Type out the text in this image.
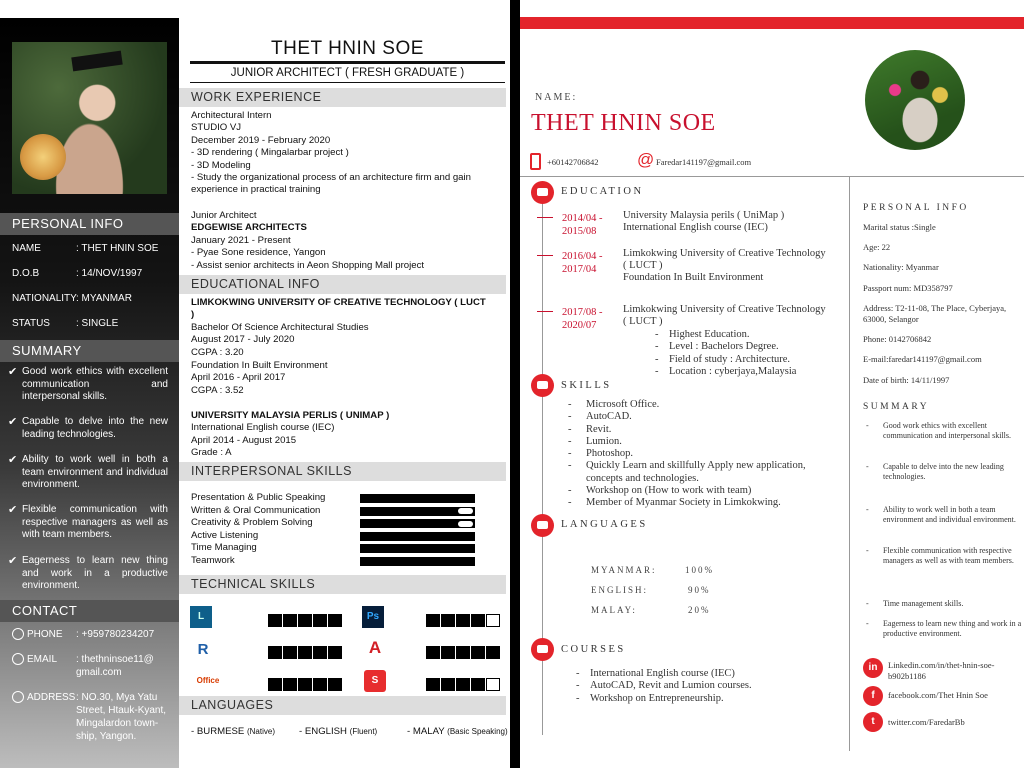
PERSONAL INFO
NAME	: THET HNIN SOE
D.O.B	: 14/NOV/1997
NATIONALITY : MYANMAR
STATUS	: SINGLE
SUMMARY
✔ Good work ethics with excellent communication and interpersonal skills.
✔ Capable to delve into the new leading technologies.
✔ Ability to work well in both a team environment and individual environment.
✔ Flexible communication with respective managers as well as with team members.
✔ Eagerness to learn new thing and work in a productive environment.
CONTACT
PHONE : +959780234207
EMAIL : thethninsoe11@ gmail.com
ADDRESS : NO.30, Mya Yatu Street, Htauk-Kyant, Mingalardon town- ship, Yangon.
THET HNIN SOE
JUNIOR ARCHITECT ( FRESH GRADUATE )
WORK EXPERIENCE
Architectural Intern
STUDIO VJ
December 2019 - February 2020
- 3D rendering ( Mingalarbar project )
- 3D Modeling
- Study the organizational process of an architecture firm and gain experience in practical training
Junior Architect
EDGEWISE ARCHITECTS
January 2021 - Present
- Pyae Sone residence, Yangon
- Assist senior architects in Aeon Shopping Mall project
EDUCATIONAL INFO
LIMKOKWING UNIVERSITY OF CREATIVE TECHNOLOGY ( LUCT )
Bachelor Of Science Architectural Studies
August 2017 - July 2020
CGPA : 3.20
Foundation In Built Environment
April 2016 - April 2017
CGPA : 3.52
UNIVERSITY MALAYSIA PERLIS ( UNIMAP )
International English course (IEC)
April 2014 - August 2015
Grade : A
INTERPERSONAL SKILLS
TECHNICAL SKILLS
L	Ps
R	A
Office	S
LANGUAGES
- BURMESE (Native)	- ENGLISH (Fluent)	- MALAY (Basic Speaking)
Presentation & Public Speaking
Written & Oral Communication
Creativity & Problem Solving
Active Listening
Time Managing
Teamwork
NAME:
THET HNIN SOE
+60142706842 @ Faredar141197@gmail.com
EDUCATION
2014/04 - 2015/08
University Malaysia perils ( UniMap )
International English course (IEC)
2016/04 - 2017/04
Limkokwing University of Creative Technology
( LUCT )
Foundation In Built Environment
2017/08 - 2020/07
Limkokwing University of Creative Technology
( LUCT )
-    Highest Education.
-    Level : Bachelors Degree.
-    Field of study : Architecture.
-    Location : cyberjaya,Malaysia
SKILLS
- Microsoft Office.
- AutoCAD.
- Revit.
- Lumion.
- Photoshop.
- Quickly Learn and skillfully Apply new application, concepts and technologies.
- Workshop on (How to work with team)
- Member of Myanmar Society in Limkokwing.
LANGUAGES
MYANMAR:	100%
ENGLISH:	90%
MALAY:	20%
COURSES
- International English course (IEC)
- AutoCAD, Revit and Lumion courses.
- Workshop on Entrepreneurship.
PERSONAL INFO
Marital status :Single
Age: 22
Nationality: Myanmar
Passport num: MD358797
Address: T2-11-08, The Place, Cyberjaya, 63000, Selangor
Phone: 0142706842
E-mail:faredar141197@gmail.com
Date of birth: 14/11/1997
SUMMARY
- Good work ethics with excellent communication and interpersonal skills.
- Capable to delve into the new leading technologies.
- Ability to work well in both a team environment and individual environment.
- Flexible communication with respective managers as well as with team members.
- Time management skills.
- Eagerness to learn new thing and work in a productive environment.
in	Linkedin.com/in/thet-hnin-soe-b902b1186
f	facebook.com/Thet Hnin Soe
t	twitter.com/FaredarBb
